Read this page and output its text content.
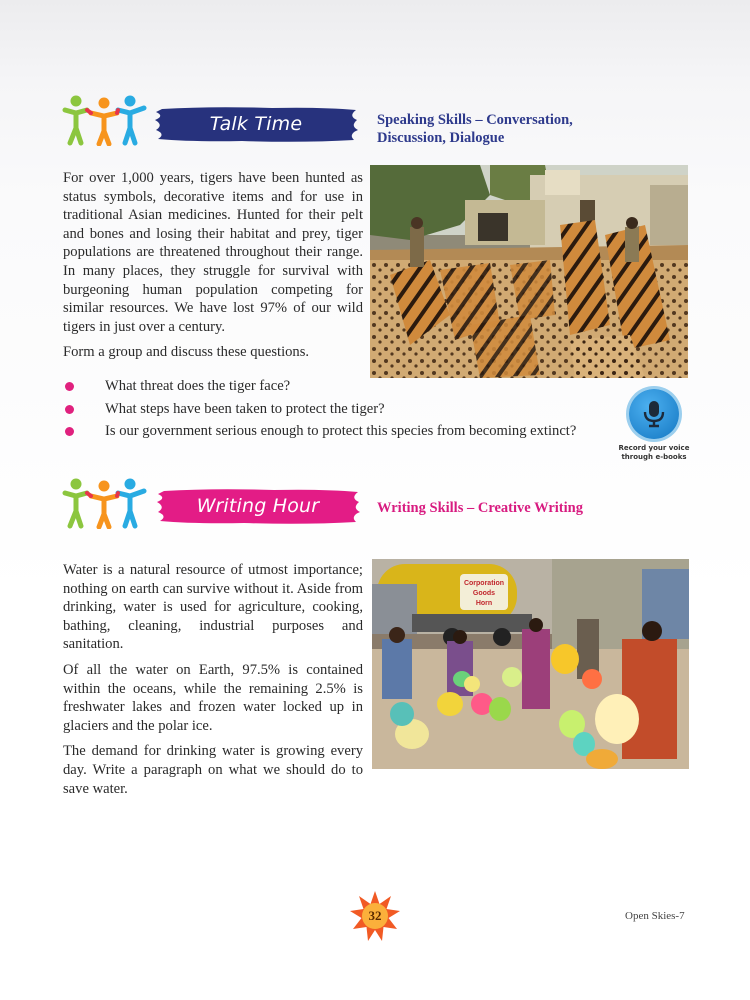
Talk Time	Speaking Skills – Conversation, Discussion, Dialogue

For over 1,000 years, tigers have been hunted as status symbols, decorative items and for use in traditional Asian medicines. Hunted for their pelt and bones and losing their habitat and prey, tiger populations are threatened throughout their range. In many places, they struggle for survival with burgeoning human population competing for similar resources. We have lost 97% of our wild tigers in just over a century.

Form a group and discuss these questions.

What threat does the tiger face?
What steps have been taken to protect the tiger?
Is our government serious enough to protect this species from becoming extinct?
Record your voice
through e-books
Writing Hour	Writing Skills – Creative Writing

Water is a natural resource of utmost importance; nothing on earth can survive without it. Aside from drinking, water is used for agriculture, cooking, bathing, cleaning, industrial purposes and sanitation.

Of all the water on Earth, 97.5% is contained within the oceans, while the remaining 2.5% is freshwater lakes and frozen water locked up in glaciers and the polar ice.

The demand for drinking water is growing every day. Write a paragraph on what we should do to save water.

Corporation
Goods
Horn
32	Open Skies-7
